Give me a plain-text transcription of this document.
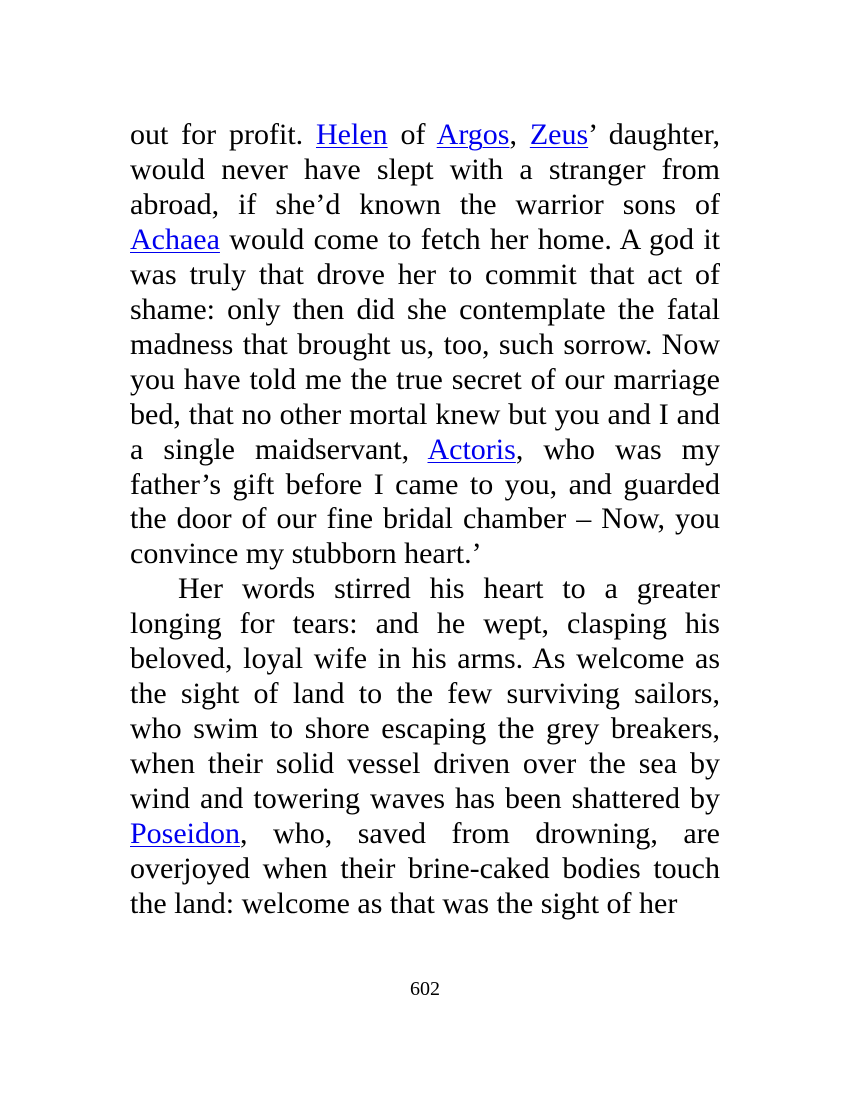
out for profit. Helen of Argos, Zeus’ daughter, would never have slept with a stranger from abroad, if she’d known the warrior sons of Achaea would come to fetch her home. A god it was truly that drove her to commit that act of shame: only then did she contemplate the fatal madness that brought us, too, such sorrow. Now you have told me the true secret of our marriage bed, that no other mortal knew but you and I and a single maidservant, Actoris, who was my father’s gift before I came to you, and guarded the door of our fine bridal chamber – Now, you convince my stubborn heart.’

Her words stirred his heart to a greater longing for tears: and he wept, clasping his beloved, loyal wife in his arms. As welcome as the sight of land to the few surviving sailors, who swim to shore escaping the grey breakers, when their solid vessel driven over the sea by wind and towering waves has been shattered by Poseidon, who, saved from drowning, are overjoyed when their brine-caked bodies touch the land: welcome as that was the sight of her

602
